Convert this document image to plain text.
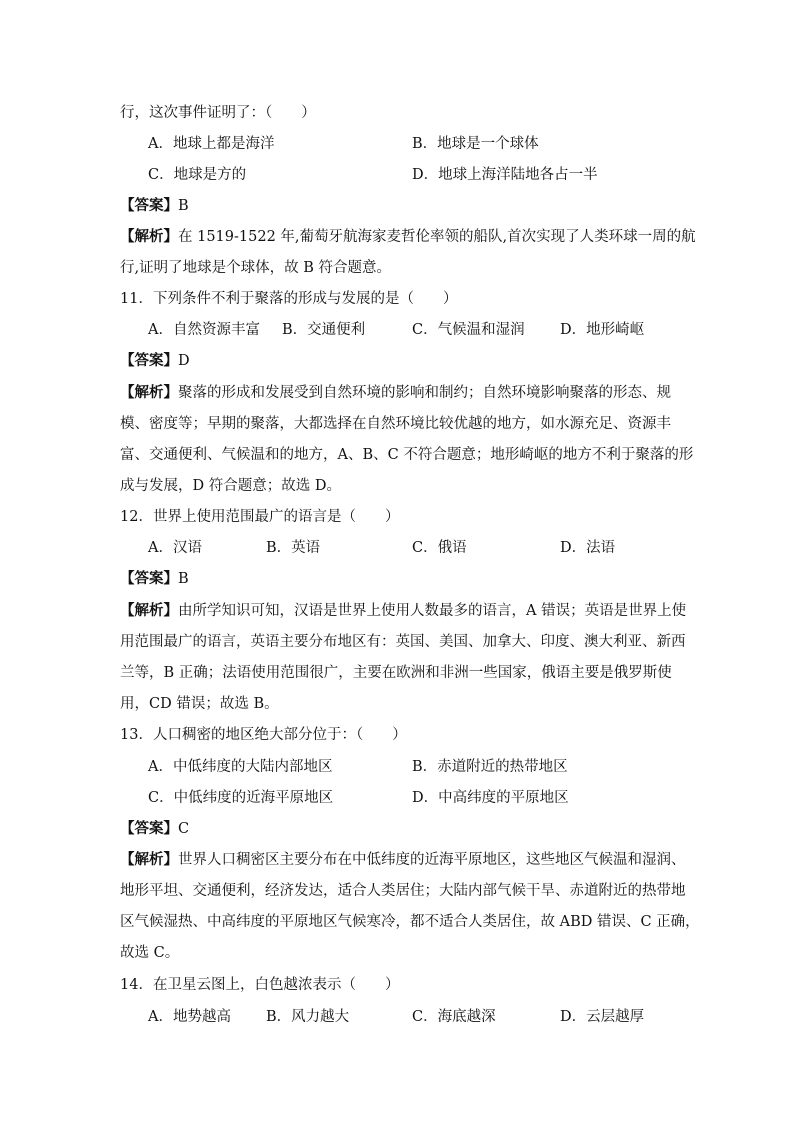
行，这次事件证明了：（　　）
A．地球上都是海洋	B．地球是一个球体
C．地球是方的	D．地球上海洋陆地各占一半
【答案】B
【解析】在 1519-1522 年,葡萄牙航海家麦哲伦率领的船队,首次实现了人类环球一周的航
行,证明了地球是个球体，故 B 符合题意。
11．下列条件不利于聚落的形成与发展的是（　　）
A．自然资源丰富 B．交通便利	C．气候温和湿润 D．地形崎岖
【答案】D
【解析】聚落的形成和发展受到自然环境的影响和制约；自然环境影响聚落的形态、规
模、密度等；早期的聚落，大都选择在自然环境比较优越的地方，如水源充足、资源丰
富、交通便利、气候温和的地方，A、B、C 不符合题意；地形崎岖的地方不利于聚落的形
成与发展，D 符合题意；故选 D。
12．世界上使用范围最广的语言是（　　）
A．汉语	B．英语	C．俄语	D．法语
【答案】B
【解析】由所学知识可知，汉语是世界上使用人数最多的语言，A 错误；英语是世界上使
用范围最广的语言，英语主要分布地区有：英国、美国、加拿大、印度、澳大利亚、新西
兰等，B 正确；法语使用范围很广，主要在欧洲和非洲一些国家，俄语主要是俄罗斯使
用，CD 错误；故选 B。
13．人口稠密的地区绝大部分位于：（　　）
A．中低纬度的大陆内部地区	B．赤道附近的热带地区
C．中低纬度的近海平原地区	D．中高纬度的平原地区
【答案】C
【解析】世界人口稠密区主要分布在中低纬度的近海平原地区，这些地区气候温和湿润、
地形平坦、交通便利，经济发达，适合人类居住；大陆内部气候干旱、赤道附近的热带地
区气候湿热、中高纬度的平原地区气候寒冷，都不适合人类居住，故 ABD 错误、C 正确，
故选 C。
14．在卫星云图上，白色越浓表示（　　）
A．地势越高 B．风力越大	C．海底越深	D．云层越厚
